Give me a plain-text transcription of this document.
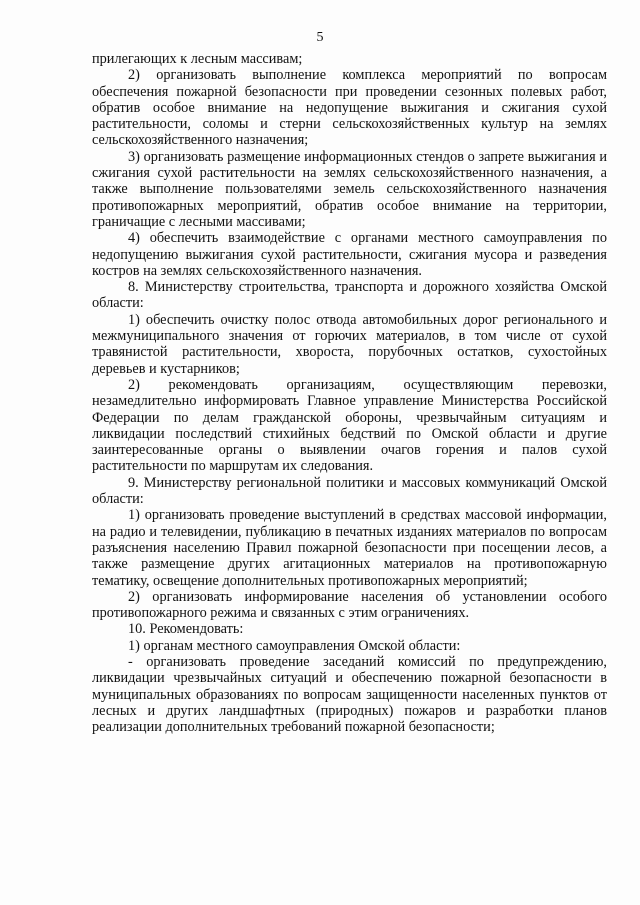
5

прилегающих к лесным массивам;

2) организовать выполнение комплекса мероприятий по вопросам обеспечения пожарной безопасности при проведении сезонных полевых работ, обратив особое внимание на недопущение выжигания и сжигания сухой растительности, соломы и стерни сельскохозяйственных культур на землях сельскохозяйственного назначения;

3) организовать размещение информационных стендов о запрете выжигания и сжигания сухой растительности на землях сельскохозяйственного назначения, а также выполнение пользователями земель сельскохозяйственного назначения противопожарных мероприятий, обратив особое внимание на территории, граничащие с лесными массивами;

4) обеспечить взаимодействие с органами местного самоуправления по недопущению выжигания сухой растительности, сжигания мусора и разведения костров на землях сельскохозяйственного назначения.

8. Министерству строительства, транспорта и дорожного хозяйства Омской области:

1) обеспечить очистку полос отвода автомобильных дорог регионального и межмуниципального значения от горючих материалов, в том числе от сухой травянистой растительности, хвороста, порубочных остатков, сухостойных деревьев и кустарников;

2) рекомендовать организациям, осуществляющим перевозки, незамедлительно информировать Главное управление Министерства Российской Федерации по делам гражданской обороны, чрезвычайным ситуациям и ликвидации последствий стихийных бедствий по Омской области и другие заинтересованные органы о выявлении очагов горения и палов сухой растительности по маршрутам их следования.

9. Министерству региональной политики и массовых коммуникаций Омской области:

1) организовать проведение выступлений в средствах массовой информации, на радио и телевидении, публикацию в печатных изданиях материалов по вопросам разъяснения населению Правил пожарной безопасности при посещении лесов, а также размещение других агитационных материалов на противопожарную тематику, освещение дополнительных противопожарных мероприятий;

2) организовать информирование населения об установлении особого противопожарного режима и связанных с этим ограничениях.

10. Рекомендовать:

1) органам местного самоуправления Омской области:

- организовать проведение заседаний комиссий по предупреждению, ликвидации чрезвычайных ситуаций и обеспечению пожарной безопасности в муниципальных образованиях по вопросам защищенности населенных пунктов от лесных и других ландшафтных (природных) пожаров и разработки планов реализации дополнительных требований пожарной безопасности;
